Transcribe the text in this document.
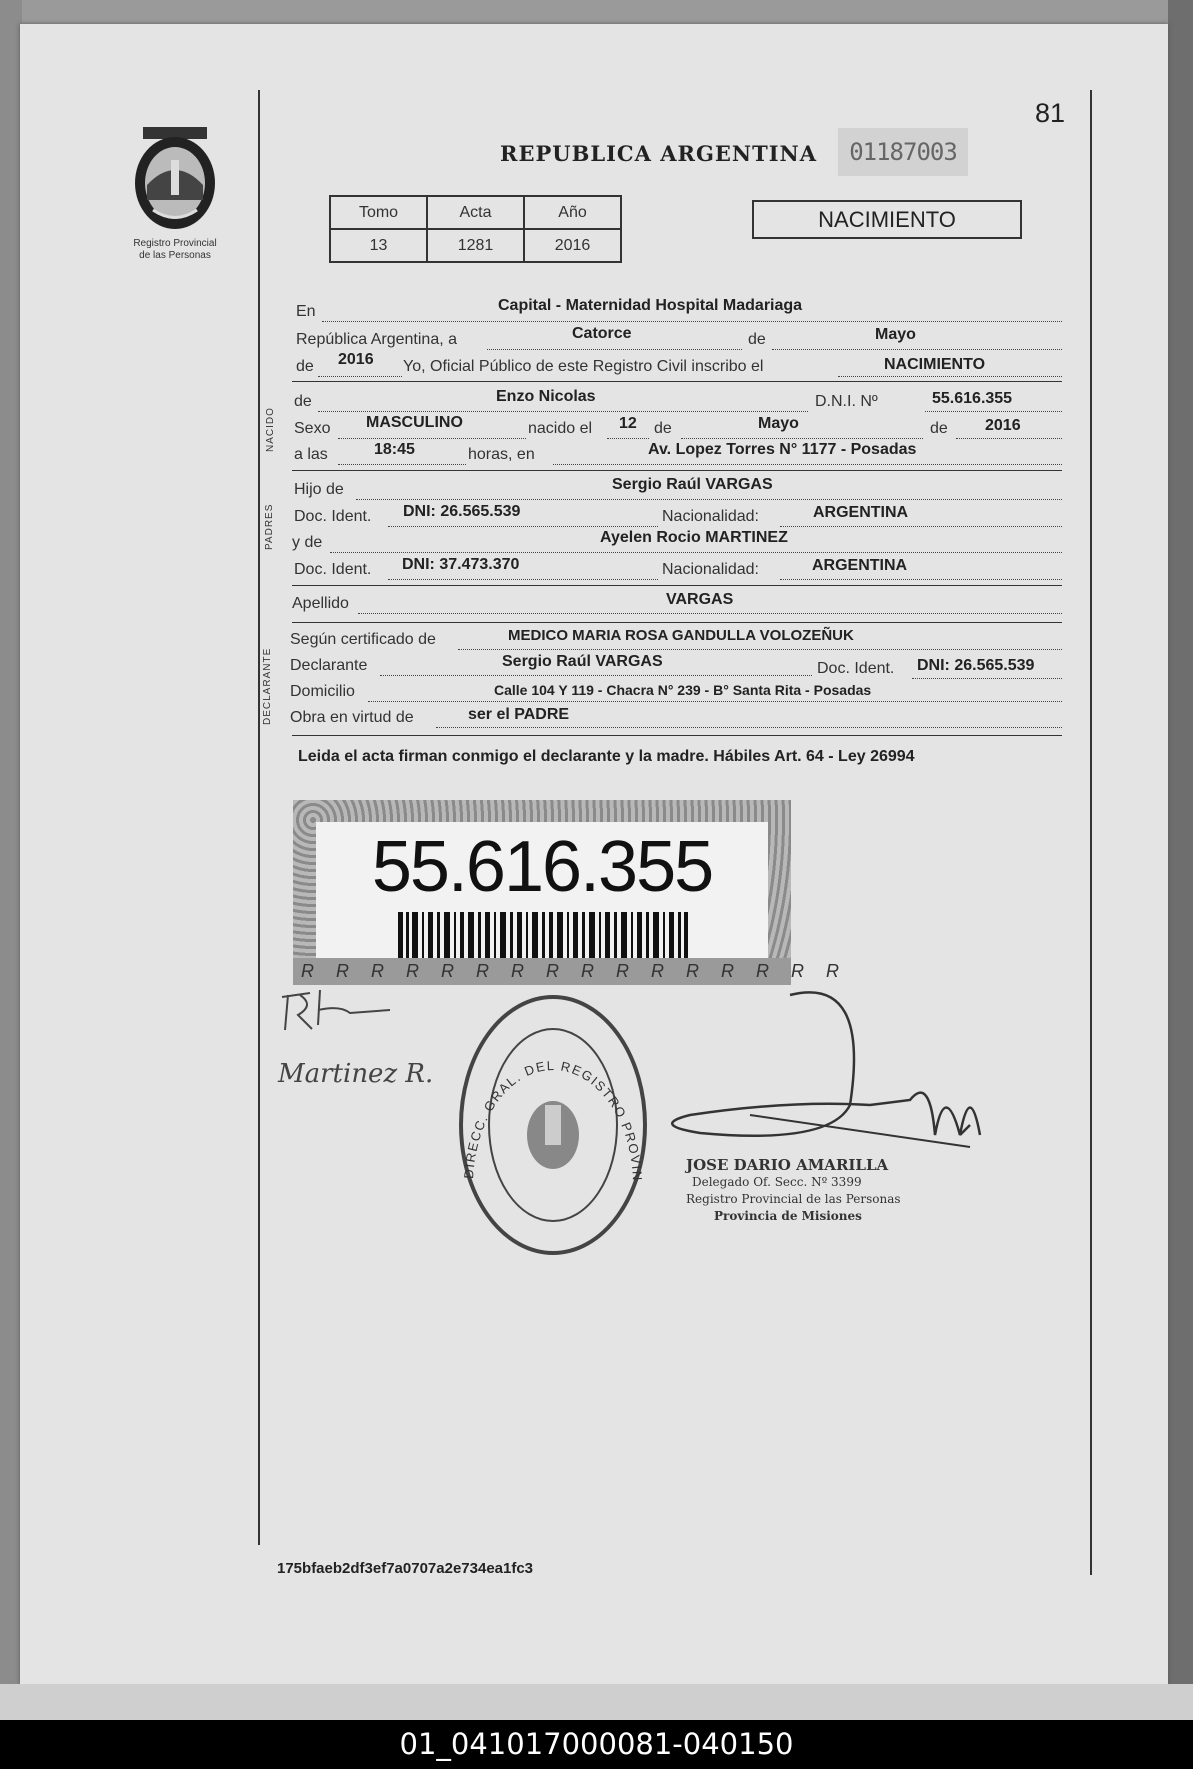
81
Registro Provincial
de las Personas
REPUBLICA ARGENTINA	01187003
Tomo	Acta	Año
13	1281	2016
NACIMIENTO
En	Capital - Maternidad Hospital Madariaga
República Argentina, a	Catorce	de	Mayo
de 2016 Yo, Oficial Público de este Registro Civil inscribo el	NACIMIENTO
NACIDO
de	Enzo Nicolas	D.N.I. Nº	55.616.355
Sexo MASCULINO	nacido el 12 de	Mayo	de 2016
a las	18:45	horas, en	Av. Lopez Torres N° 1177 - Posadas
PADRES
Hijo de	Sergio Raúl VARGAS
Doc. Ident. DNI: 26.565.539	Nacionalidad:	ARGENTINA
y de	Ayelen Rocio MARTINEZ
Doc. Ident. DNI: 37.473.370	Nacionalidad:	ARGENTINA
Apellido	VARGAS
DECLARANTE
Según certificado de	MEDICO MARIA ROSA GANDULLA VOLOZEÑUK
Declarante	Sergio Raúl VARGAS	Doc. Ident. DNI: 26.565.539
Domicilio	Calle 104 Y 119 - Chacra N° 239 - B° Santa Rita - Posadas
Obra en virtud de	ser el PADRE
Leida el acta firman conmigo el declarante y la madre. Hábiles Art. 64 - Ley 26994
55.616.355
RRRRRRRRRRRRRRRR
Martinez R.
DIRECC. GRAL. DEL REGISTRO PROVIN
JOSE DARIO AMARILLA
Delegado Of. Secc. Nº 3399
Registro Provincial de las Personas
Provincia de Misiones
175bfaeb2df3ef7a0707a2e734ea1fc3
01_041017000081-040150
